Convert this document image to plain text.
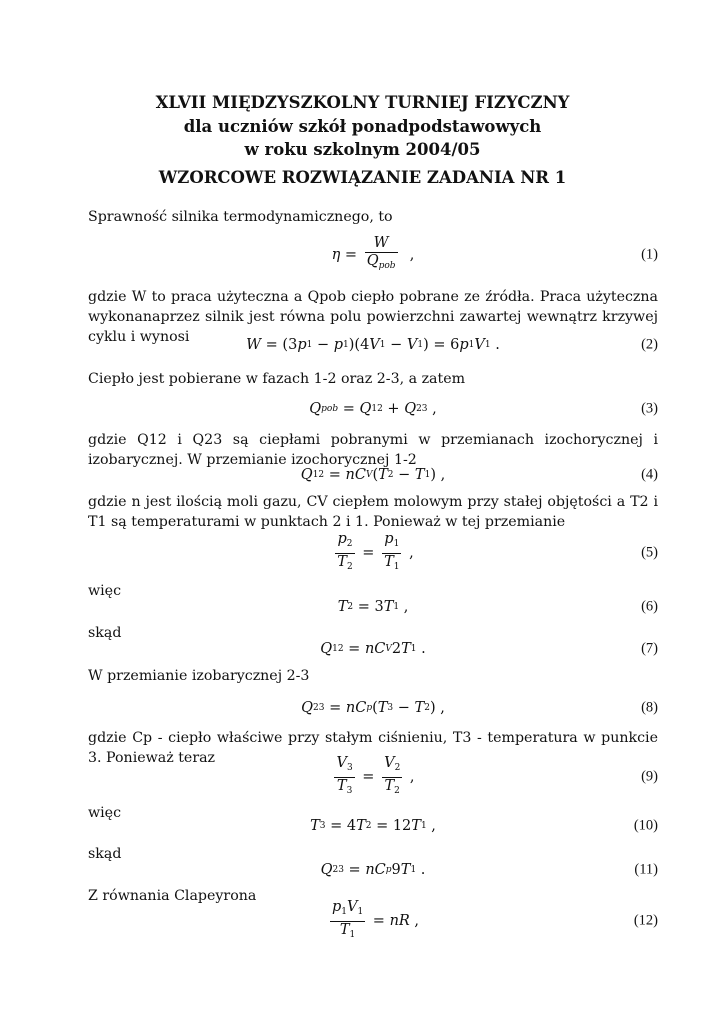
XLVII MIĘDZYSZKOLNY TURNIEJ FIZYCZNY
dla uczniów szkół ponadpodstawowych
w roku szkolnym 2004/05
WZORCOWE ROZWIĄZANIE ZADANIA NR 1

Sprawność silnika termodynamicznego, to

$\eta = \frac{W}{Q_{pob}}$ ,	(1)

gdzie W to praca użyteczna a Qpob ciepło pobrane ze źródła. Praca użyteczna wykonanaprzez silnik jest równa polu powierzchni zawartej wewnątrz krzywej cyklu i wynosi	W = (3 p 1 − p 1 )(4 V 1 − V 1 ) = 6 p 1 V 1 .	(2)

Ciepło jest pobierane w fazach 1-2 oraz 2-3, a zatem

Q pob = Q 12 + Q 23 ,	(3)

gdzie Q12 i Q23 są ciepłami pobranymi w przemianach izochorycznej i izobarycznej. W przemianie izochorycznej 1-2

Q 12 = nC V ( T 2 − T 1 ) ,	(4)

gdzie n jest ilością moli gazu, CV ciepłem molowym przy stałej objętości a T2 i T1 są temperaturami w punktach 2 i 1. Ponieważ w tej przemianie

$\frac{p_2}{T_2} = \frac{p_1}{T_1}$ ,	(5)

więc

T 2 = 3 T 1 ,	(6)

skąd

Q 12 = nC V 2 T 1 .	(7)

W przemianie izobarycznej 2-3

Q 23 = nC p ( T 3 − T 2 ) ,	(8)

gdzie Cp - ciepło właściwe przy stałym ciśnieniu, T3 - temperatura w punkcie 3. Ponieważ teraz	$\frac{V_3}{T_3} = \frac{V_2}{T_2}$ ,	(9)

więc

T 3 = 4 T 2 = 12 T 1 ,	(10)

skąd

Q 23 = nC p 9 T 1 .	(11)

Z równania Clapeyrona

$\frac{p_1V_1}{T_1}$ = nR ,	(12)
